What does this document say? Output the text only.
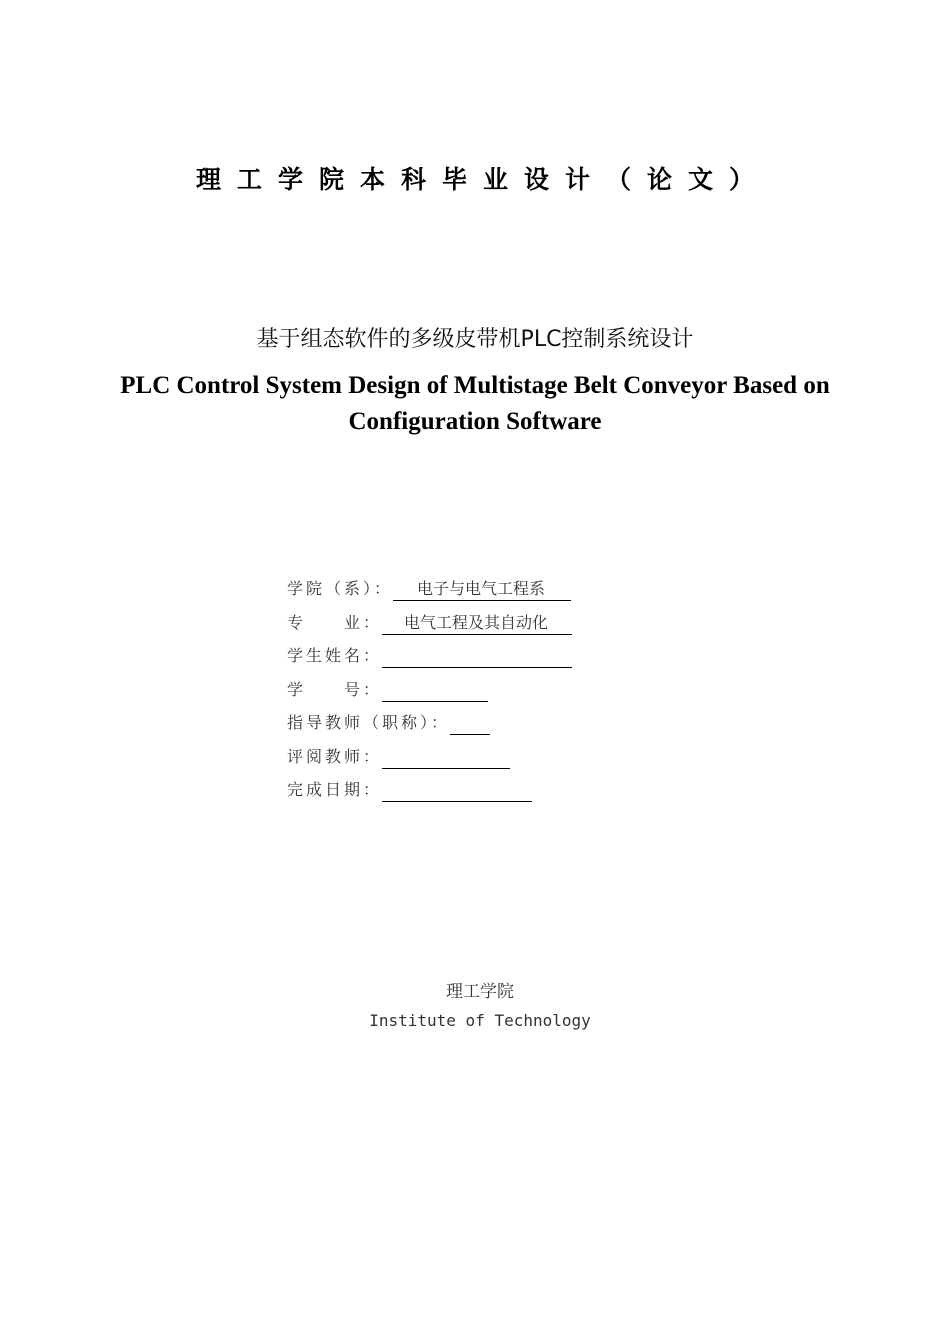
理工学院本科毕业设计（论文）
基于组态软件的多级皮带机PLC控制系统设计
PLC Control System Design of Multistage Belt Conveyor Based on Configuration Software
学院（系）：	电子与电气工程系
专　　业：	电气工程及其自动化
学生姓名：
学　　号：
指导教师（职称）：
评阅教师：
完成日期：
理工学院
Institute of Technology
